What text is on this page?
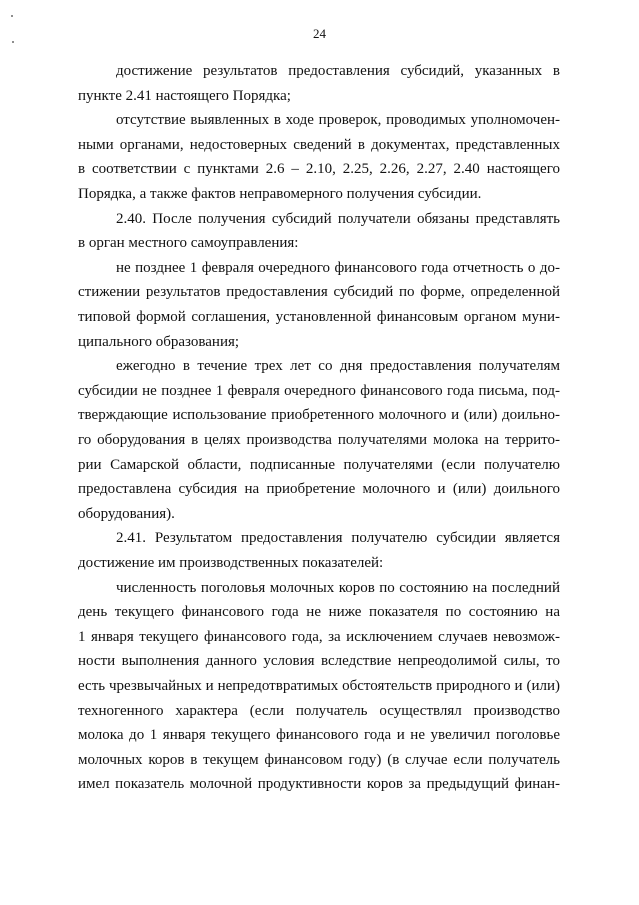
24
достижение результатов предоставления субсидий, указанных в
пункте 2.41 настоящего Порядка;
отсутствие выявленных в ходе проверок, проводимых уполномочен-
ными органами, недостоверных сведений в документах, представленных
в соответствии с пунктами 2.6 – 2.10, 2.25, 2.26, 2.27, 2.40 настоящего
Порядка, а также фактов неправомерного получения субсидии.
2.40. После получения субсидий получатели обязаны представлять
в орган местного самоуправления:
не позднее 1 февраля очередного финансового года отчетность о до-
стижении результатов предоставления субсидий по форме, определенной
типовой формой соглашения, установленной финансовым органом муни-
ципального образования;
ежегодно в течение трех лет со дня предоставления получателям
субсидии не позднее 1 февраля очередного финансового года письма, под-
тверждающие использование приобретенного молочного и (или) доильно-
го оборудования в целях производства получателями молока на террито-
рии Самарской области, подписанные получателями (если получателю
предоставлена субсидия на приобретение молочного и (или) доильного
оборудования).
2.41. Результатом предоставления получателю субсидии является
достижение им производственных показателей:
численность поголовья молочных коров по состоянию на последний
день текущего финансового года не ниже показателя по состоянию на
1 января текущего финансового года, за исключением случаев невозмож-
ности выполнения данного условия вследствие непреодолимой силы, то
есть чрезвычайных и непредотвратимых обстоятельств природного и (или)
техногенного характера (если получатель осуществлял производство
молока до 1 января текущего финансового года и не увеличил поголовье
молочных коров в текущем финансовом году) (в случае если получатель
имел показатель молочной продуктивности коров за предыдущий финан-
